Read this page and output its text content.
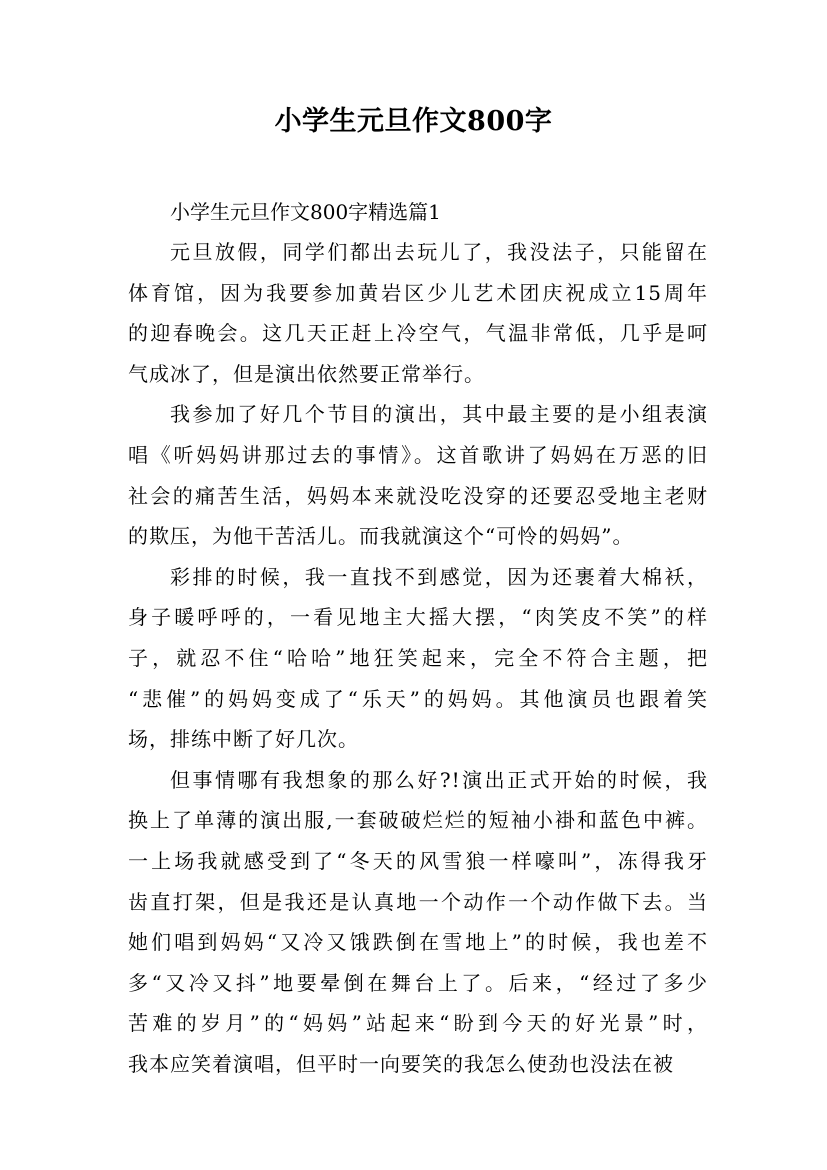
小学生元旦作文800字

小学生元旦作文800字精选篇1

元旦放假，同学们都出去玩儿了，我没法子，只能留在

体育馆，因为我要参加黄岩区少儿艺术团庆祝成立15周年

的迎春晚会。这几天正赶上冷空气，气温非常低，几乎是呵

气成冰了，但是演出依然要正常举行。

我参加了好几个节目的演出，其中最主要的是小组表演

唱《听妈妈讲那过去的事情》。这首歌讲了妈妈在万恶的旧

社会的痛苦生活，妈妈本来就没吃没穿的还要忍受地主老财

的欺压，为他干苦活儿。而我就演这个“可怜的妈妈”。

彩排的时候，我一直找不到感觉，因为还裹着大棉袄，

身子暖呼呼的，一看见地主大摇大摆，“肉笑皮不笑”的样

子，就忍不住“哈哈”地狂笑起来，完全不符合主题，把

“悲催”的妈妈变成了“乐天”的妈妈。其他演员也跟着笑

场，排练中断了好几次。

但事情哪有我想象的那么好?!演出正式开始的时候，我

换上了单薄的演出服,一套破破烂烂的短袖小褂和蓝色中裤。

一上场我就感受到了“冬天的风雪狼一样嚎叫”，冻得我牙

齿直打架，但是我还是认真地一个动作一个动作做下去。当

她们唱到妈妈“又冷又饿跌倒在雪地上”的时候，我也差不

多“又冷又抖”地要晕倒在舞台上了。后来，“经过了多少

苦难的岁月”的“妈妈”站起来“盼到今天的好光景”时，

我本应笑着演唱，但平时一向要笑的我怎么使劲也没法在被
